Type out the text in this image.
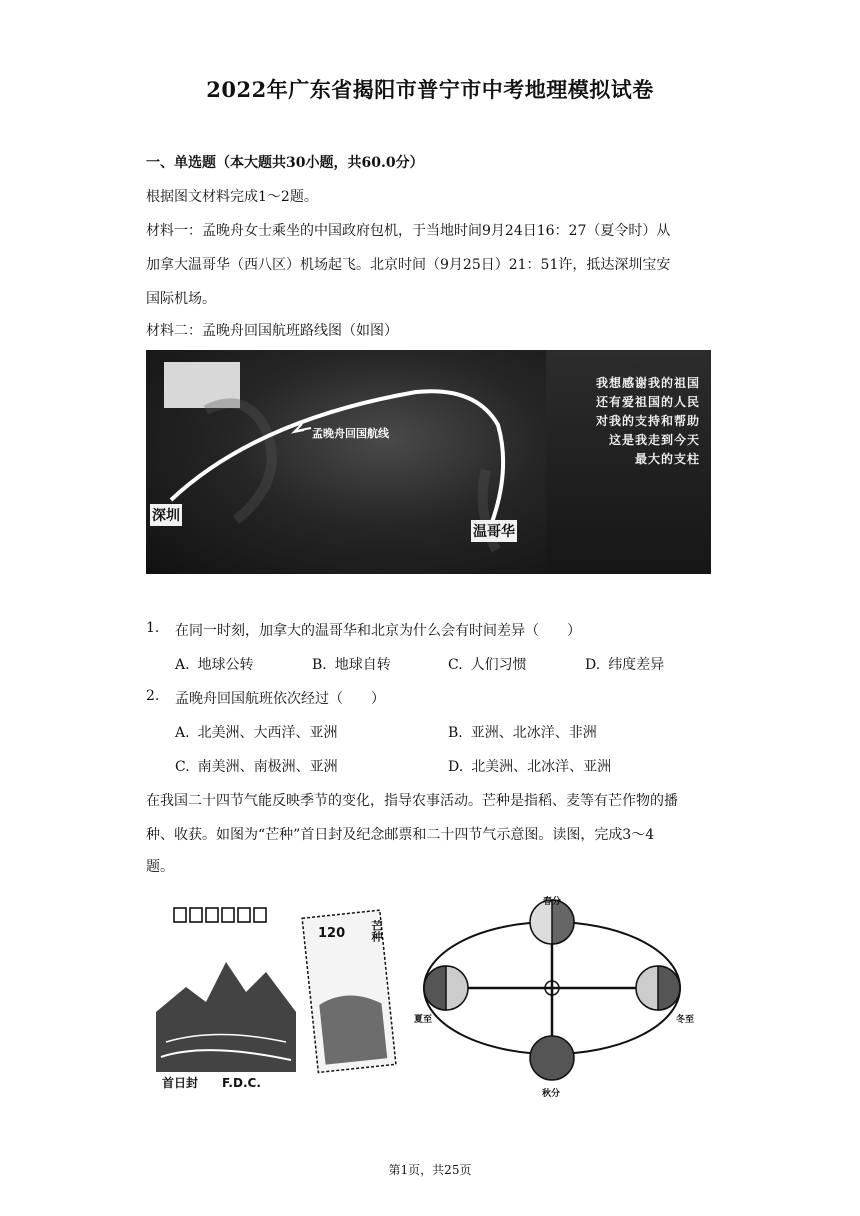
2022年广东省揭阳市普宁市中考地理模拟试卷
一、单选题（本大题共30小题，共60.0分）
根据图文材料完成1～2题。
材料一：孟晚舟女士乘坐的中国政府包机，于当地时间9月24日16：27（夏令时）从
加拿大温哥华（西八区）机场起飞。北京时间（9月25日）21：51许，抵达深圳宝安
国际机场。
材料二：孟晚舟回国航班路线图（如图）
孟晚舟回国航线
深圳
温哥华
我想感谢我的祖国
还有爱祖国的人民
对我的支持和帮助
这是我走到今天
最大的支柱
1. 在同一时刻，加拿大的温哥华和北京为什么会有时间差异（　　）
A. 地球公转	B. 地球自转	C. 人们习惯	D. 纬度差异
2. 孟晚舟回国航班依次经过（　　）
A. 北美洲、大西洋、亚洲	B. 亚洲、北冰洋、非洲
C. 南美洲、南极洲、亚洲	D. 北美洲、北冰洋、亚洲
在我国二十四节气能反映季节的变化，指导农事活动。芒种是指稻、麦等有芒作物的播
种、收获。如图为“芒种”首日封及纪念邮票和二十四节气示意图。读图，完成3～4
题。
首日封　　F.D.C.
120 芒种
春分
秋分
夏至	冬至
第1页，共25页
